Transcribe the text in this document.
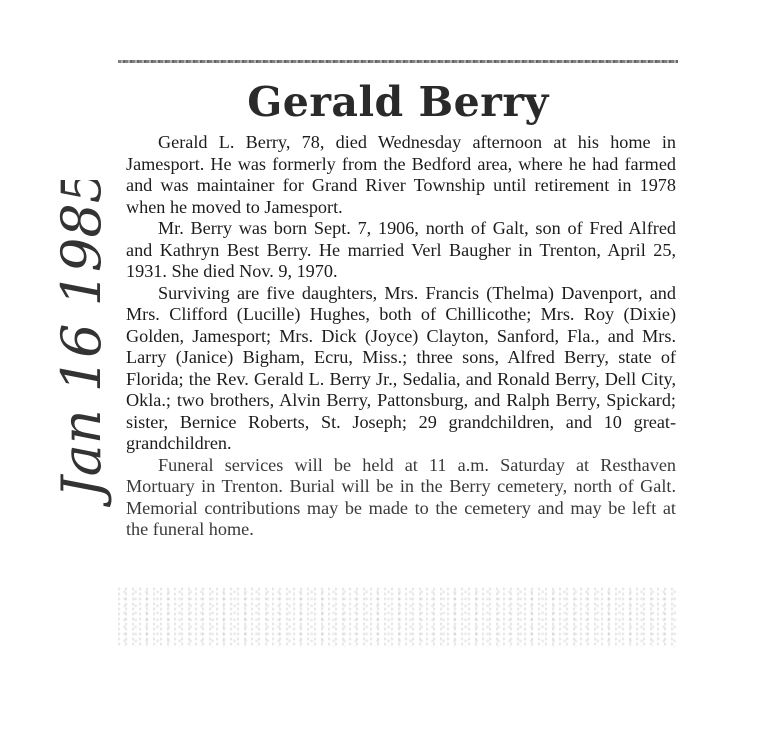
Jan 16 1985
Gerald Berry

Gerald L. Berry, 78, died Wednesday afternoon at his home in Jamesport. He was formerly from the Bedford area, where he had farmed and was maintainer for Grand River Township until retirement in 1978 when he moved to Jamesport.

Mr. Berry was born Sept. 7, 1906, north of Galt, son of Fred Alfred and Kathryn Best Berry. He married Verl Baugher in Trenton, April 25, 1931. She died Nov. 9, 1970.

Surviving are five daughters, Mrs. Francis (Thelma) Davenport, and Mrs. Clifford (Lucille) Hughes, both of Chillicothe; Mrs. Roy (Dixie) Golden, Jamesport; Mrs. Dick (Joyce) Clayton, Sanford, Fla., and Mrs. Larry (Janice) Bigham, Ecru, Miss.; three sons, Alfred Berry, state of Florida; the Rev. Gerald L. Berry Jr., Sedalia, and Ronald Berry, Dell City, Okla.; two brothers, Alvin Berry, Pattonsburg, and Ralph Berry, Spickard; sister, Bernice Roberts, St. Joseph; 29 grandchildren, and 10 great-grandchildren.

Funeral services will be held at 11 a.m. Saturday at Resthaven Mortuary in Trenton. Burial will be in the Berry cemetery, north of Galt. Memorial contributions may be made to the cemetery and may be left at the funeral home.
